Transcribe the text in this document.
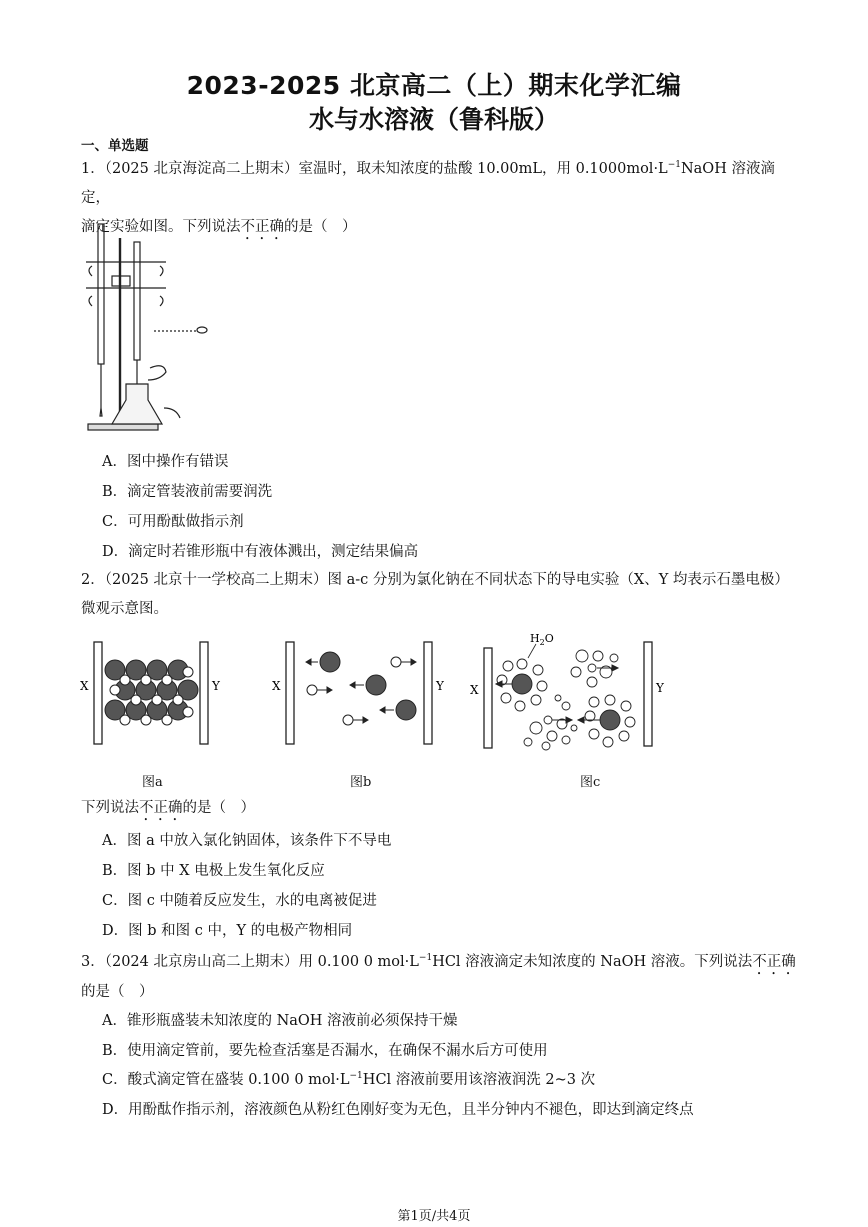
2023-2025 北京高二（上）期末化学汇编
水与水溶液（鲁科版）
一、单选题
1．（2025 北京海淀高二上期末）室温时，取未知浓度的盐酸 10.00mL，用 $0.1000mol\cdot L^{-1}NaOH$ 溶液滴定，
滴定实验如图。下列说法不正确的是（　）
A．图中操作有错误
B．滴定管装液前需要润洗
C．可用酚酞做指示剂
D．滴定时若锥形瓶中有液体溅出，测定结果偏高
2．（2025 北京十一学校高二上期末）图 a-c 分别为氯化钠在不同状态下的导电实验（X、Y 均表示石墨电极）
微观示意图。
X	Y	X	Y X	Y
$H_2O$
图a	图b	图c
下列说法不正确的是（　）
A．图 a 中放入氯化钠固体，该条件下不导电
B．图 b 中 X 电极上发生氧化反应
C．图 c 中随着反应发生，水的电离被促进
D．图 b 和图 c 中，Y 的电极产物相同
3．（2024 北京房山高二上期末）用 0.100 0 $mol\cdot L^{-1}HCl$ 溶液滴定未知浓度的 NaOH 溶液。下列说法不正确
的是（　）
A．锥形瓶盛装未知浓度的 NaOH 溶液前必须保持干燥
B．使用滴定管前，要先检查活塞是否漏水，在确保不漏水后方可使用
C．酸式滴定管在盛装 0.100 0 $mol\cdot L^{-1}HCl$ 溶液前要用该溶液润洗 2~3 次
D．用酚酞作指示剂，溶液颜色从粉红色刚好变为无色，且半分钟内不褪色，即达到滴定终点
第1页/共4页
